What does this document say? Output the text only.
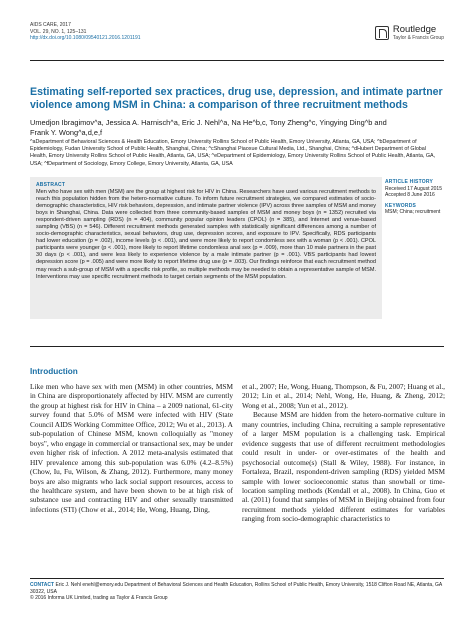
AIDS CARE, 2017
VOL. 29, NO. 1, 125–131
http://dx.doi.org/10.1080/09540121.2016.1201191
Routledge
Taylor & Francis Group
Estimating self-reported sex practices, drug use, depression, and intimate partner violence among MSM in China: a comparison of three recruitment methods
Umedjon Ibragimov^a, Jessica A. Harnisch^a, Eric J. Nehl^a, Na He^b,c, Tony Zheng^c, Yingying Ding^b and
Frank Y. Wong^a,d,e,f
^aDepartment of Behavioral Sciences & Health Education, Emory University Rollins School of Public Health, Emory University, Atlanta, GA, USA; ^bDepartment of Epidemiology, Fudan University School of Public Health, Shanghai, China; ^cShanghai Piaoxue Cultural Media, Ltd., Shanghai, China; ^dHubert Department of Global Health, Emory University Rollins School of Public Health, Atlanta, GA, USA; ^eDepartment of Epidemiology, Emory University Rollins School of Public Health, Atlanta, GA, USA; ^fDepartment of Sociology, Emory College, Emory University, Atlanta, GA, USA
ABSTRACT
Men who have sex with men (MSM) are the group at highest risk for HIV in China. Researchers have used various recruitment methods to reach this population hidden from the hetero-normative culture. To inform future recruitment strategies, we compared estimates of socio-demographic characteristics, HIV risk behaviors, depression, and intimate partner violence (IPV) across three samples of MSM and money boys in Shanghai, China. Data were collected from three community-based samples of MSM and money boys (n = 1352) recruited via respondent-driven sampling (RDS) (n = 404), community popular opinion leaders (CPOL) (n = 385), and Internet and venue-based sampling (VBS) (n = 546). Different recruitment methods generated samples with statistically significant differences among a number of socio-demographic characteristics, sexual behaviors, drug use, depression scores, and exposure to IPV. Specifically, RDS participants had lower education (p = .002), income levels (p < .001), and were more likely to report condomless sex with a woman (p < .001). CPOL participants were younger (p < .001), more likely to report lifetime condomless anal sex (p = .009), more than 10 male partners in the past 30 days (p < .001), and were less likely to experience violence by a male intimate partner (p = .001). VBS participants had lowest depression score (p = .005) and were more likely to report lifetime drug use (p = .003). Our findings reinforce that each recruitment method may reach a sub-group of MSM with a specific risk profile, so multiple methods may be needed to obtain a representative sample of MSM. Interventions may use specific recruitment methods to target certain segments of the MSM population.
ARTICLE HISTORY
Received 17 August 2015
Accepted 8 June 2016
KEYWORDS
MSM; China; recruitment
Introduction

Like men who have sex with men (MSM) in other countries, MSM in China are disproportionately affected by HIV. MSM are currently the group at highest risk for HIV in China – a 2009 national, 61-city survey found that 5.0% of MSM were infected with HIV (State Council AIDS Working Committee Office, 2012; Wu et al., 2013). A sub-population of Chinese MSM, known colloquially as "money boys", who engage in commercial or transactional sex, may be under even higher risk of infection. A 2012 meta-analysis estimated that HIV prevalence among this sub-population was 6.0% (4.2–8.5%) (Chow, Iu, Fu, Wilson, & Zhang, 2012). Furthermore, many money boys are also migrants who lack social support resources, access to the healthcare system, and have been shown to be at high risk of substance use and contracting HIV and other sexually transmitted infections (STI) (Chow et al., 2014; He, Wong, Huang, Ding,

et al., 2007; He, Wong, Huang, Thompson, & Fu, 2007; Huang et al., 2012; Lin et al., 2014; Nehl, Wong, He, Huang, & Zheng, 2012; Wong et al., 2008; Yun et al., 2012).

Because MSM are hidden from the hetero-normative culture in many countries, including China, recruiting a sample representative of a larger MSM population is a challenging task. Empirical evidence suggests that use of different recruitment methodologies could result in under- or over-estimates of the health and psychosocial outcome(s) (Stall & Wiley, 1988). For instance, in Fortaleza, Brazil, respondent-driven sampling (RDS) yielded MSM sample with lower socioeconomic status than snowball or time-location sampling methods (Kendall et al., 2008). In China, Guo et al. (2011) found that samples of MSM in Beijing obtained from four recruitment methods yielded different estimates for variables ranging from socio-demographic characteristics to

CONTACT Eric J. Nehl enehl@emory.edu Department of Behavioral Sciences and Health Education, Rollins School of Public Health, Emory University, 1518 Clifton Road NE, Atlanta, GA 30322, USA
© 2016 Informa UK Limited, trading as Taylor & Francis Group
